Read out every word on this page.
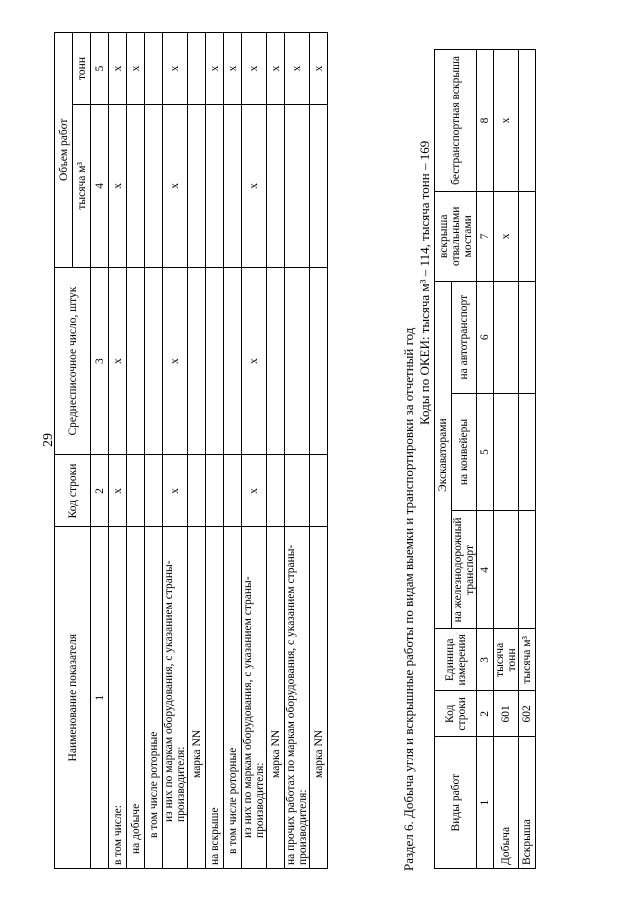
29
Наименование показателя	Код строки	Среднесписочное число, штук	Объем работ	
			тысяча м³	тонн
1	2	3	4	5
в том числе:	х	х	х	х
на добыче				х
в том числе роторные				
из них по маркам оборудования, с указанием страны- производителя:	х	х	х	х
марка NN				
на вскрыше				х
в том числе роторные				х
из них по маркам оборудования, с указанием страны- производителя:	х	х	х	х
марка NN				х
на прочих работах по маркам оборудования, с указанием страны- производителя:				х
марка NN				х
Раздел 6. Добыча угля и вскрышные работы по видам выемки и транспортировки за отчетный год
Коды по ОКЕИ: тысяча м³ – 114, тысяча тонн – 169
Виды работ	Код строки	Единица измерения	Экскаваторами			вскрыша отвальными мостами	бестранспортная вскрыша
			на железнодорожный транспорт	на конвейеры	на автотранспорт		
1	2	3	4	5	6	7	8
Добыча	601	тысяча тонн				х	х
Вскрыша	602	тысяча м³					
